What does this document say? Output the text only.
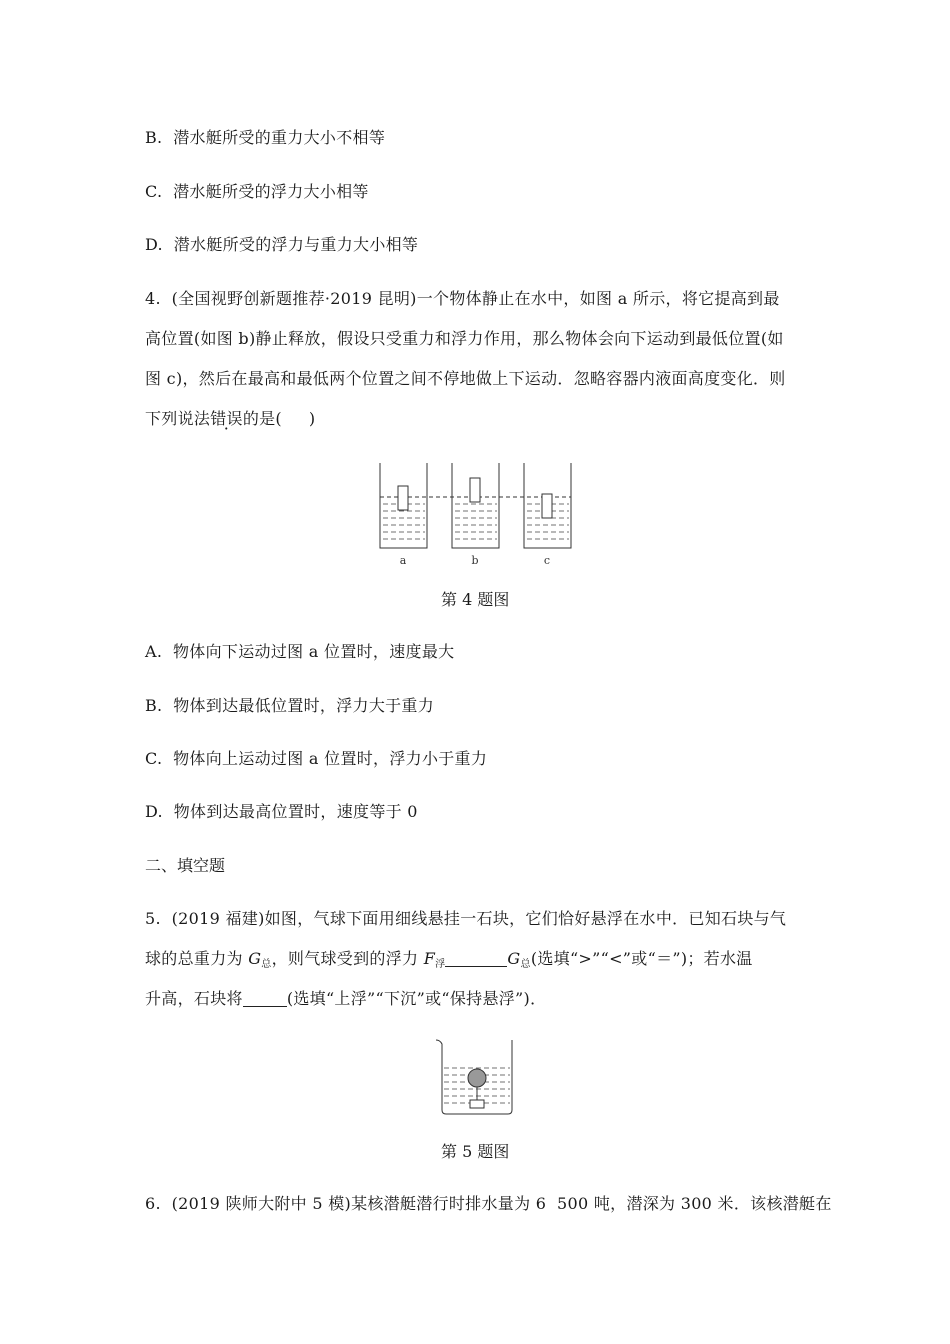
B.  潜水艇所受的重力大小不相等
C.  潜水艇所受的浮力大小相等
D.  潜水艇所受的浮力与重力大小相等
4.  (全国视野创新题推荐·2019 昆明)一个物体静止在水中，如图 a 所示，将它提高到最
高位置(如图 b)静止释放，假设只受重力和浮力作用，那么物体会向下运动到最低位置(如
图 c)，然后在最高和最低两个位置之间不停地做上下运动．忽略容器内液面高度变化．则
下列说法错误的是(     )
a	b	c
第 4 题图
A.  物体向下运动过图 a 位置时，速度最大
B.  物体到达最低位置时，浮力大于重力
C.  物体向上运动过图 a 位置时，浮力小于重力
D.  物体到达最高位置时，速度等于 0
二、填空题
5.  (2019 福建)如图，气球下面用细线悬挂一石块，它们恰好悬浮在水中．已知石块与气
球的总重力为 $G_总$，则气球受到的浮力 $F_浮$	$G_总$(选填“>”“<”或“＝”)；若水温
升高，石块将	(选填“上浮”“下沉”或“保持悬浮”)．
第 5 题图
6.  (2019 陕师大附中 5 模)某核潜艇潜行时排水量为 6  500 吨，潜深为 300 米．该核潜艇在
